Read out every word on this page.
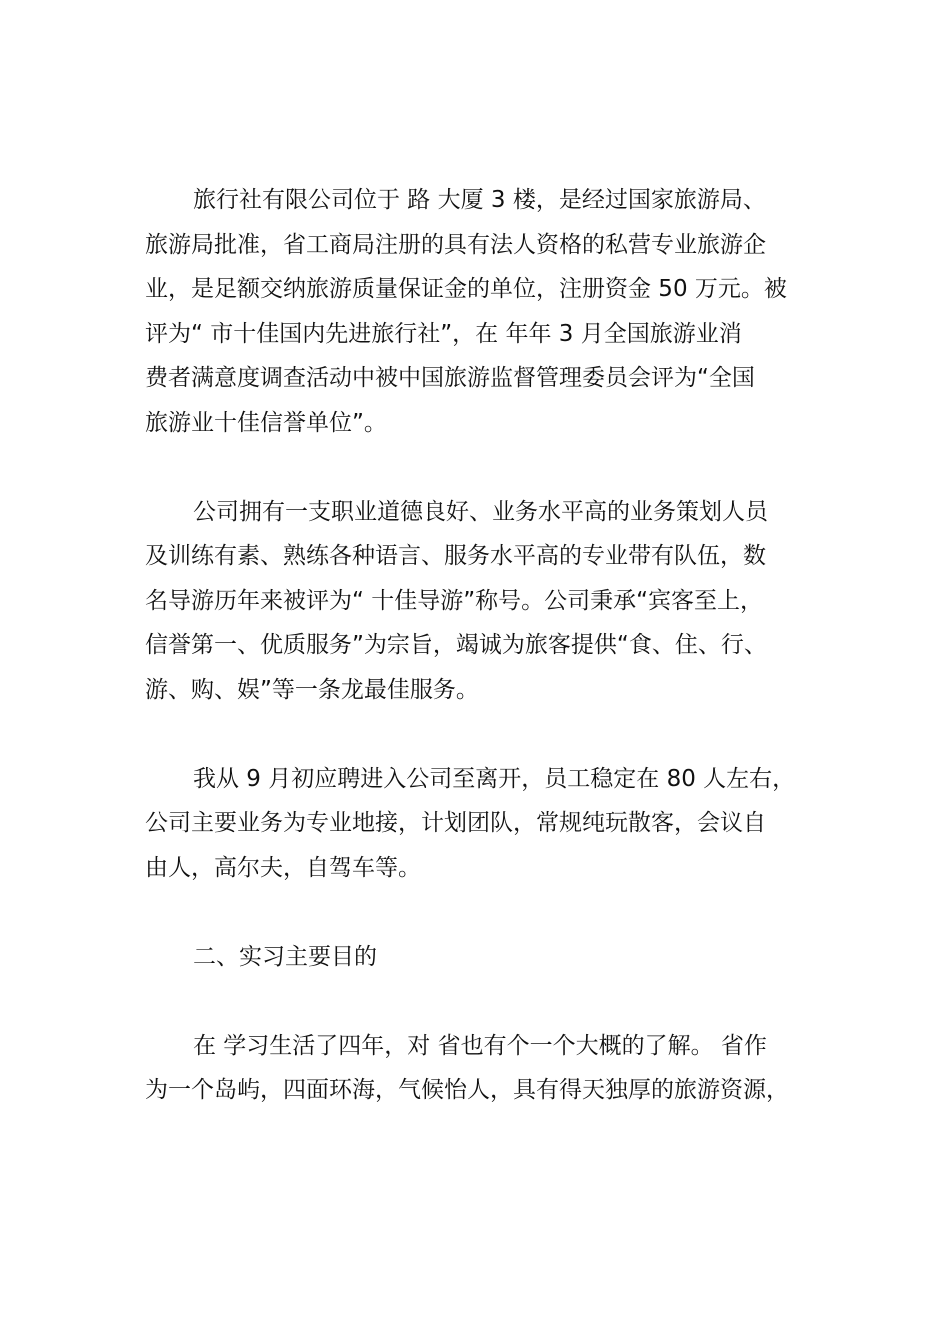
旅行社有限公司位于 路 大厦 3 楼，是经过国家旅游局、
旅游局批准，省工商局注册的具有法人资格的私营专业旅游企
业，是足额交纳旅游质量保证金的单位，注册资金 50 万元。被
评为“ 市十佳国内先进旅行社”，在 年年 3 月全国旅游业消
费者满意度调查活动中被中国旅游监督管理委员会评为“全国
旅游业十佳信誉单位”。

公司拥有一支职业道德良好、业务水平高的业务策划人员
及训练有素、熟练各种语言、服务水平高的专业带有队伍，数
名导游历年来被评为“ 十佳导游”称号。公司秉承“宾客至上，
信誉第一、优质服务”为宗旨，竭诚为旅客提供“食、住、行、
游、购、娱”等一条龙最佳服务。

我从 9 月初应聘进入公司至离开，员工稳定在 80 人左右，
公司主要业务为专业地接，计划团队，常规纯玩散客，会议自
由人，高尔夫，自驾车等。

二、实习主要目的

在 学习生活了四年，对 省也有个一个大概的了解。 省作
为一个岛屿，四面环海，气候怡人，具有得天独厚的旅游资源，
